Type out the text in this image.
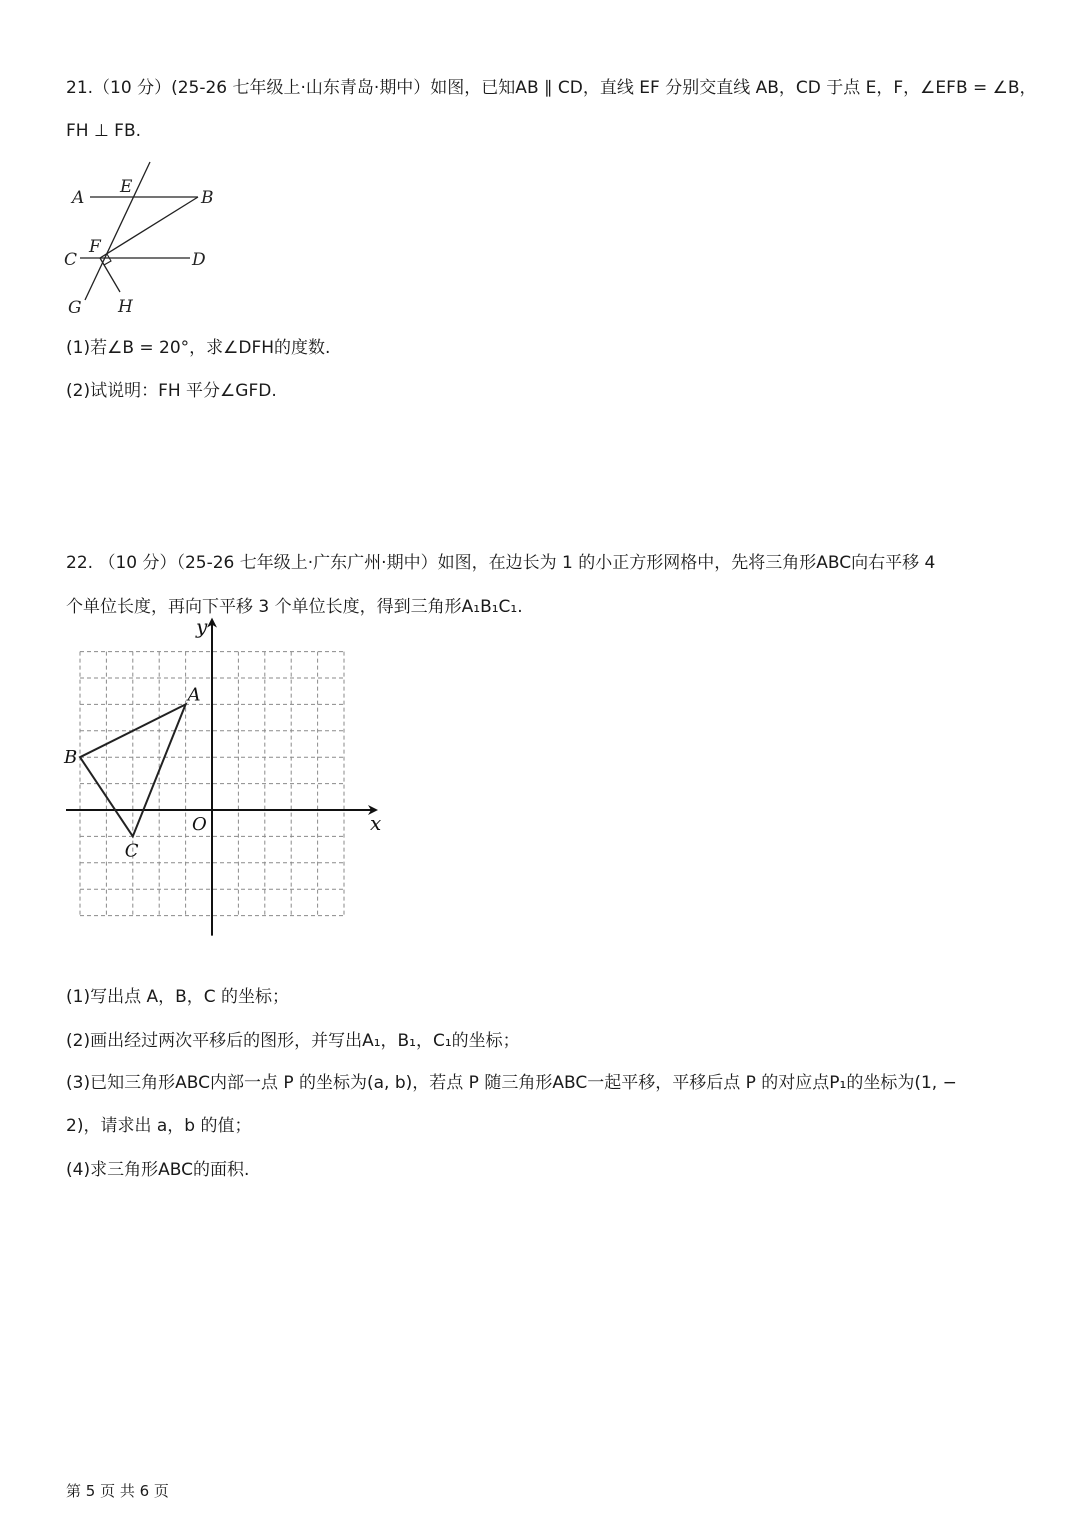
21.（10 分）(25-26 七年级上·山东青岛·期中）如图，已知AB ∥ CD，直线 EF 分别交直线 AB，CD 于点 E，F，∠EFB = ∠B，

FH ⊥ FB.

A
E
B
C
F
D
G H

(1)若∠B = 20°，求∠DFH的度数.

(2)试说明：FH 平分∠GFD.

22. （10 分）（25-26 七年级上·广东广州·期中）如图，在边长为 1 的小正方形网格中，先将三角形ABC向右平移 4

个单位长度，再向下平移 3 个单位长度，得到三角形A₁B₁C₁.

x
y
O
A
B
C

(1)写出点 A，B，C 的坐标；

(2)画出经过两次平移后的图形，并写出A₁，B₁，C₁的坐标；

(3)已知三角形ABC内部一点 P 的坐标为(a, b)，若点 P 随三角形ABC一起平移，平移后点 P 的对应点P₁的坐标为(1, −

2)，请求出 a，b 的值；

(4)求三角形ABC的面积.

第 5 页 共 6 页
